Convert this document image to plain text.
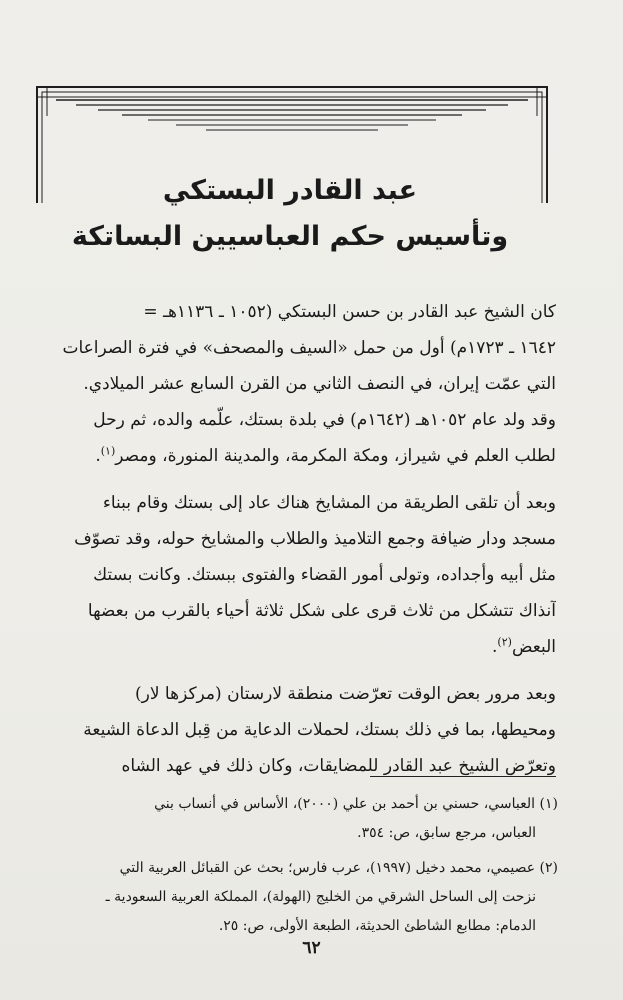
عبد القادر البستكي
وتأسيس حكم العباسيين البساتكة

كان الشيخ عبد القادر بن حسن البستكي (١٠٥٢ ـ ١١٣٦هـ =
١٦٤٢ ـ ١٧٢٣م) أول من حمل «السيف والمصحف» في فترة الصراعات
التي عمّت إيران، في النصف الثاني من القرن السابع عشر الميلادي.
وقد ولد عام ١٠٥٢هـ (١٦٤٢م) في بلدة بستك، علّمه والده، ثم رحل
لطلب العلم في شيراز، ومكة المكرمة، والمدينة المنورة، ومصر$^{(١)}$.

وبعد أن تلقى الطريقة من المشايخ هناك عاد إلى بستك وقام ببناء
مسجد ودار ضيافة وجمع التلاميذ والطلاب والمشايخ حوله، وقد تصوّف
مثل أبيه وأجداده، وتولى أمور القضاء والفتوى ببستك. وكانت بستك
آنذاك تتشكل من ثلاث قرى على شكل ثلاثة أحياء بالقرب من بعضها
البعض$^{(٢)}$.

وبعد مرور بعض الوقت تعرّضت منطقة لارستان (مركزها لار)
ومحيطها، بما في ذلك بستك، لحملات الدعاية من قِبل الدعاة الشيعة
وتعرّض الشيخ عبد القادر للمضايقات، وكان ذلك في عهد الشاه

(١) العباسي، حسني بن أحمد بن علي (٢٠٠٠)، الأساس في أنساب بني
العباس، مرجع سابق، ص: ٣٥٤.

(٢) عصيمي، محمد دخيل (١٩٩٧)، عرب فارس؛ بحث عن القبائل العربية التي
نزحت إلى الساحل الشرقي من الخليج (الهولة)، المملكة العربية السعودية ـ
الدمام: مطابع الشاطئ الحديثة، الطبعة الأولى، ص: ٢٥.

٦٢
